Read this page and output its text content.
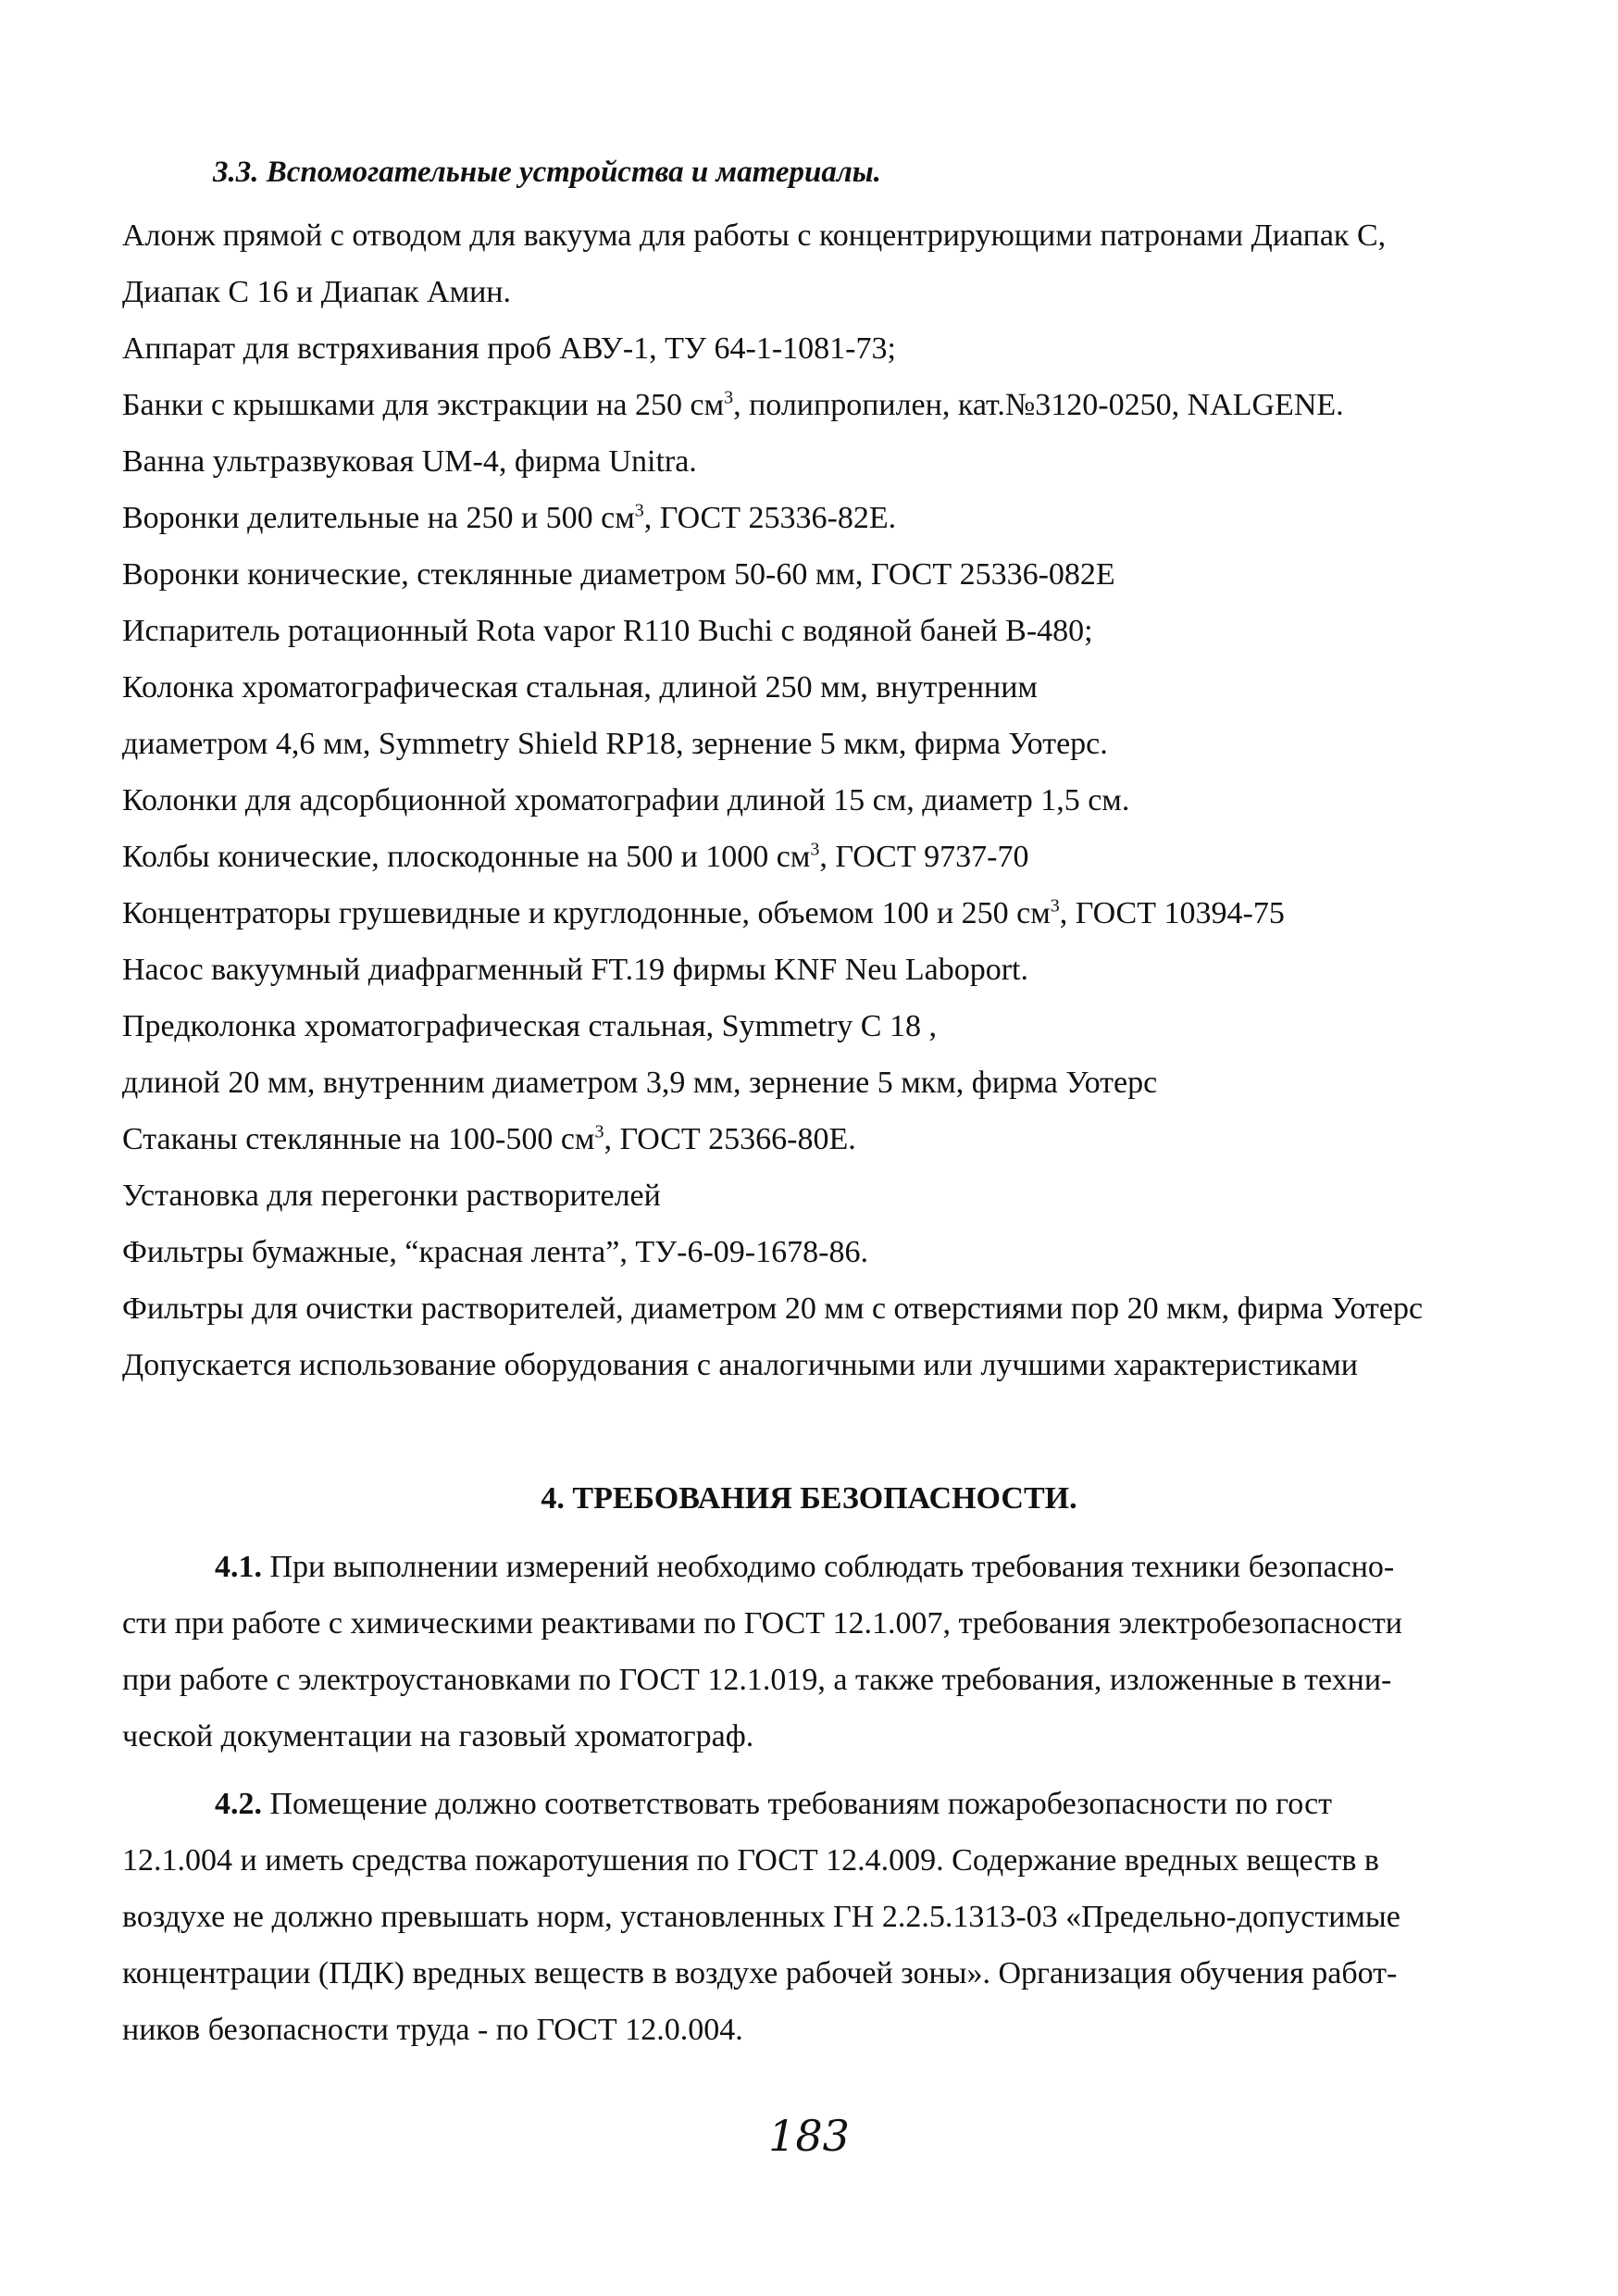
3.3. Вспомогательные устройства и материалы.
Алонж прямой с отводом для вакуума для работы с концентрирующими патронами Диапак С,
Диапак С 16 и Диапак Амин.
Аппарат для встряхивания проб АВУ-1, ТУ 64-1-1081-73;
Банки с крышками для экстракции на 250 $см^3$, полипропилен, кат.№3120-0250, NALGENE.
Ванна ультразвуковая UM-4, фирма Unitra.
Воронки делительные на 250 и 500 $см^3$, ГОСТ 25336-82Е.
Воронки конические, стеклянные диаметром 50-60 мм, ГОСТ 25336-082Е
Испаритель ротационный Rota vapor R110 Buchi с водяной баней В-480;
Колонка хроматографическая стальная, длиной 250 мм, внутренним
диаметром 4,6 мм, Symmetry Shield RP18, зернение 5 мкм, фирма Уотерс.
Колонки для адсорбционной хроматографии длиной 15 см, диаметр 1,5 см.
Колбы конические, плоскодонные на 500 и 1000 $см^3$, ГОСТ 9737-70
Концентраторы грушевидные и круглодонные, объемом 100 и 250 $см^3$, ГОСТ 10394-75
Насос вакуумный диафрагменный FT.19 фирмы KNF Neu Laboport.
Предколонка хроматографическая стальная, Symmetry C 18 ,
длиной 20 мм, внутренним диаметром 3,9 мм, зернение 5 мкм, фирма Уотерс
Стаканы стеклянные на 100-500 $см^3$, ГОСТ 25366-80Е.
Установка для перегонки растворителей
Фильтры бумажные, “красная лента”, ТУ-6-09-1678-86.
Фильтры для очистки растворителей, диаметром 20 мм с отверстиями пор 20 мкм, фирма Уотерс
Допускается использование оборудования с аналогичными или лучшими характеристиками
4. ТРЕБОВАНИЯ БЕЗОПАСНОСТИ.
4.1. При выполнении измерений необходимо соблюдать требования техники безопасно-
сти при работе с химическими реактивами по ГОСТ 12.1.007, требования электробезопасности
при работе с электроустановками по ГОСТ 12.1.019, а также требования, изложенные в техни-
ческой документации на газовый хроматограф.
4.2. Помещение должно соответствовать требованиям пожаробезопасности по гост
12.1.004 и иметь средства пожаротушения по ГОСТ 12.4.009. Содержание вредных веществ в
воздухе не должно превышать норм, установленных ГН 2.2.5.1313-03 «Предельно-допустимые
концентрации (ПДК) вредных веществ в воздухе рабочей зоны». Организация обучения работ-
ников безопасности труда - по ГОСТ 12.0.004.
183
